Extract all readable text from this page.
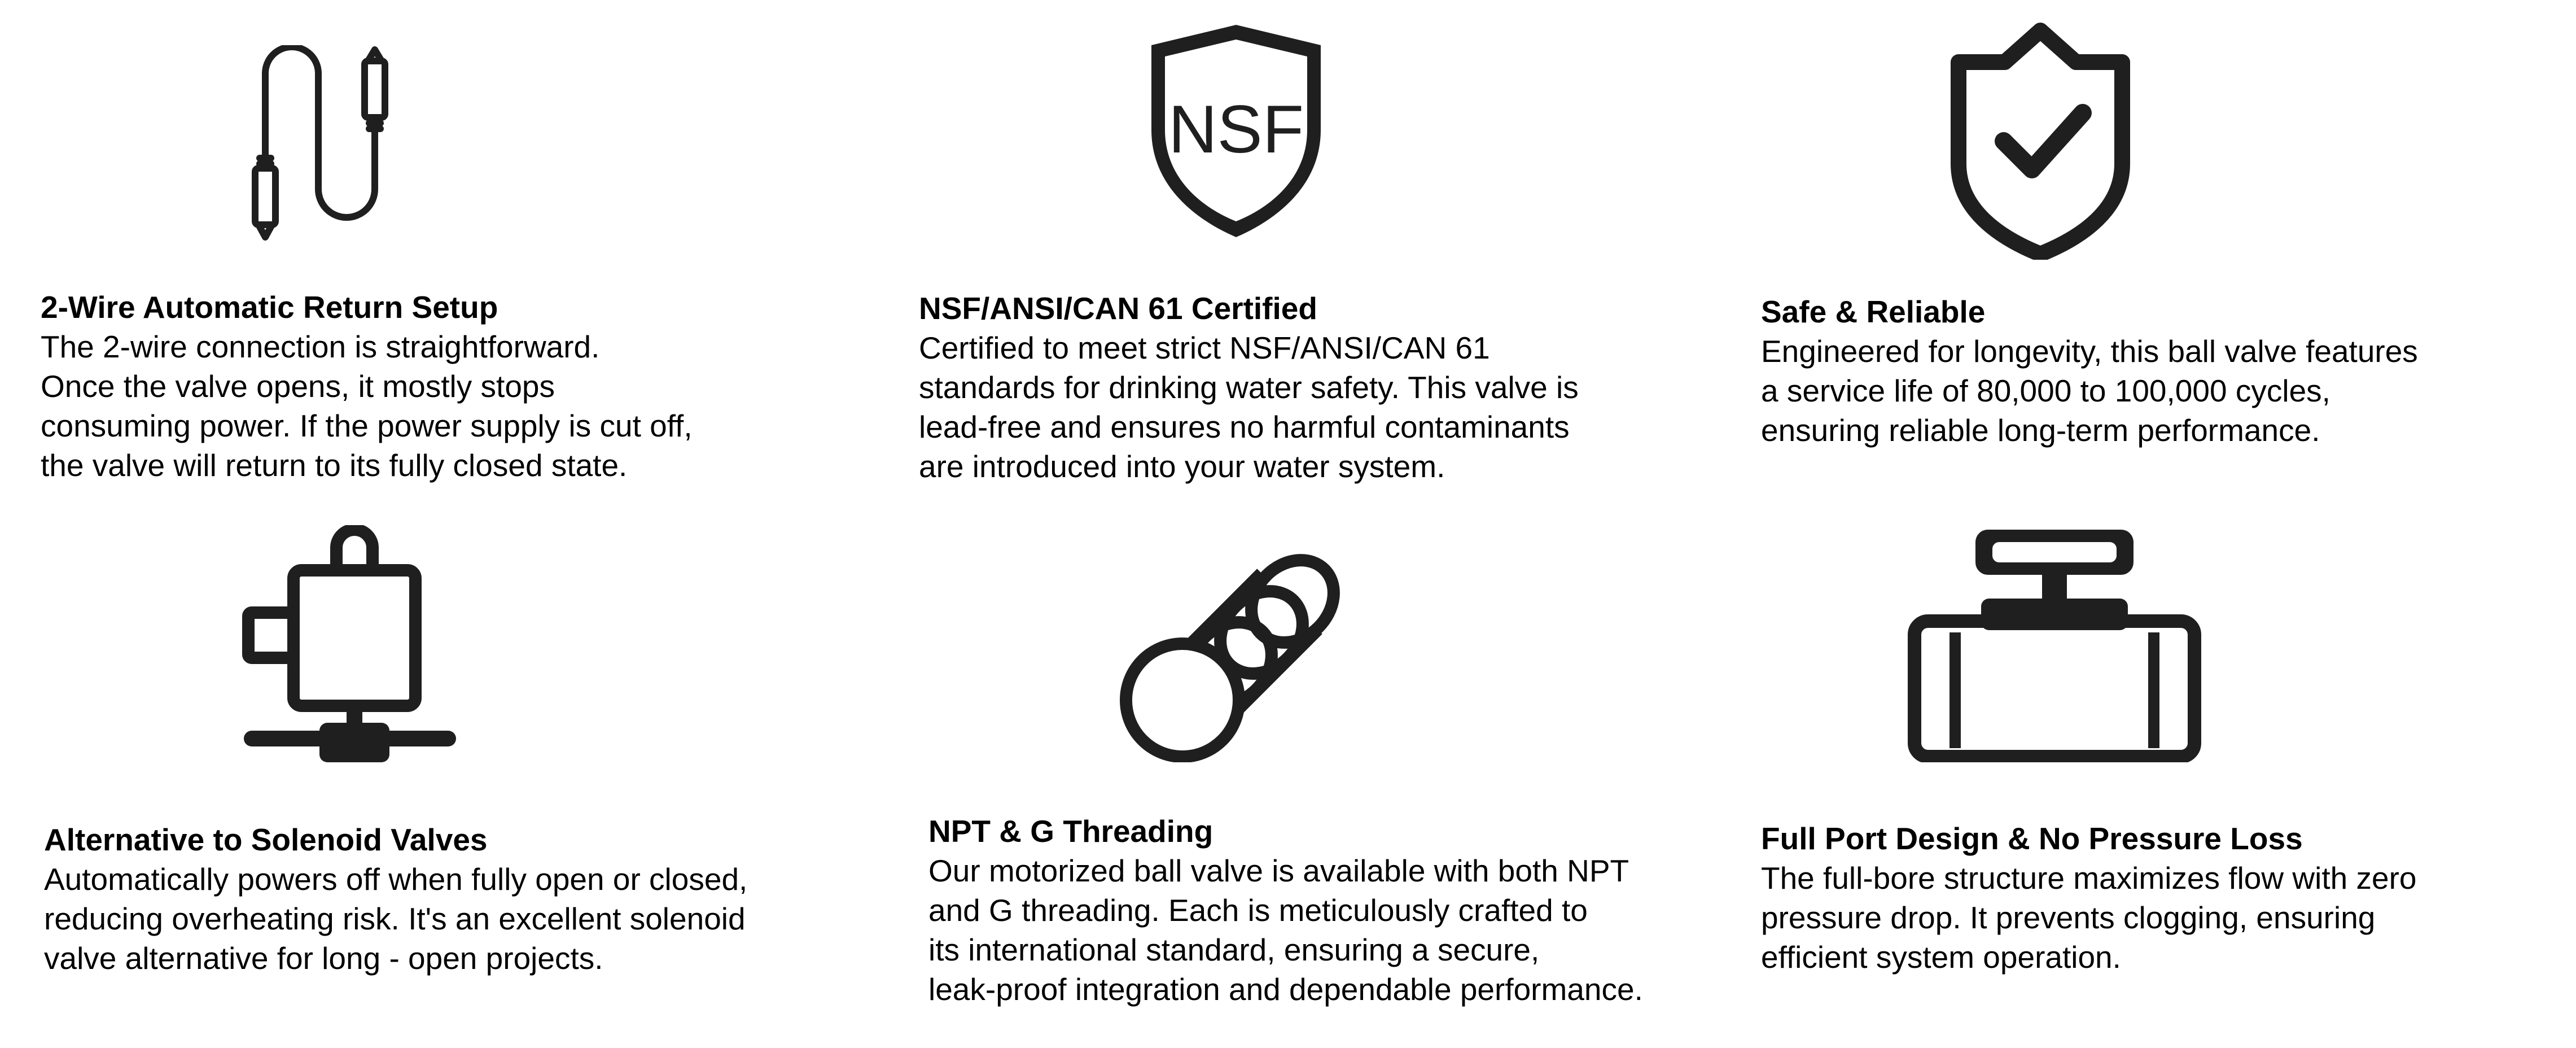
NSF
2-Wire Automatic Return Setup
The 2-wire connection is straightforward.
Once the valve opens, it mostly stops
consuming power. If the power supply is cut off,
the valve will return to its fully closed state.
NSF/ANSI/CAN 61 Certified
Certified to meet strict NSF/ANSI/CAN 61
standards for drinking water safety. This valve is
lead-free and ensures no harmful contaminants
are introduced into your water system.
Safe & Reliable
Engineered for longevity, this ball valve features
a service life of 80,000 to 100,000 cycles,
ensuring reliable long-term performance.
Alternative to Solenoid Valves
Automatically powers off when fully open or closed,
reducing overheating risk. It's an excellent solenoid
valve alternative for long - open projects.
NPT & G Threading
Our motorized ball valve is available with both NPT
and G threading. Each is meticulously crafted to
its international standard, ensuring a secure,
leak-proof integration and dependable performance.
Full Port Design & No Pressure Loss
The full-bore structure maximizes flow with zero
pressure drop. It prevents clogging, ensuring
efficient system operation.
